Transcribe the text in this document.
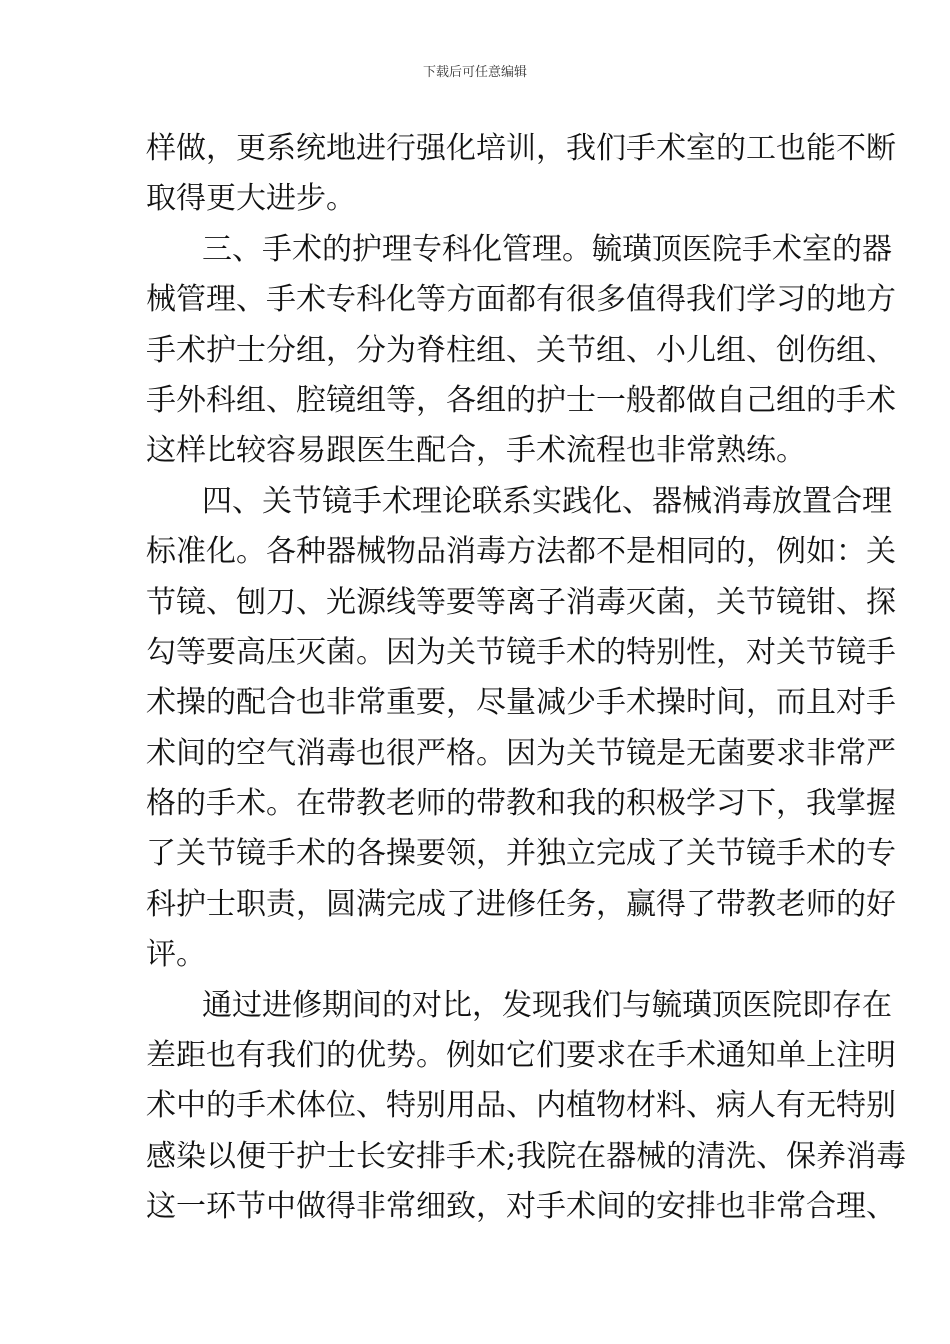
下载后可任意编辑
样做，更系统地进行强化培训，我们手术室的工也能不断
取得更大进步。
三、手术的护理专科化管理。毓璜顶医院手术室的器
械管理、手术专科化等方面都有很多值得我们学习的地方
手术护士分组，分为脊柱组、关节组、小儿组、创伤组、
手外科组、腔镜组等，各组的护士一般都做自己组的手术
这样比较容易跟医生配合，手术流程也非常熟练。
四、关节镜手术理论联系实践化、器械消毒放置合理
标准化。各种器械物品消毒方法都不是相同的，例如：关
节镜、刨刀、光源线等要等离子消毒灭菌，关节镜钳、探
勾等要高压灭菌。因为关节镜手术的特别性，对关节镜手
术操的配合也非常重要，尽量减少手术操时间，而且对手
术间的空气消毒也很严格。因为关节镜是无菌要求非常严
格的手术。在带教老师的带教和我的积极学习下，我掌握
了关节镜手术的各操要领，并独立完成了关节镜手术的专
科护士职责，圆满完成了进修任务，赢得了带教老师的好
评。
通过进修期间的对比，发现我们与毓璜顶医院即存在
差距也有我们的优势。例如它们要求在手术通知单上注明
术中的手术体位、特别用品、内植物材料、病人有无特别
感染以便于护士长安排手术;我院在器械的清洗、保养消毒
这一环节中做得非常细致，对手术间的安排也非常合理、
